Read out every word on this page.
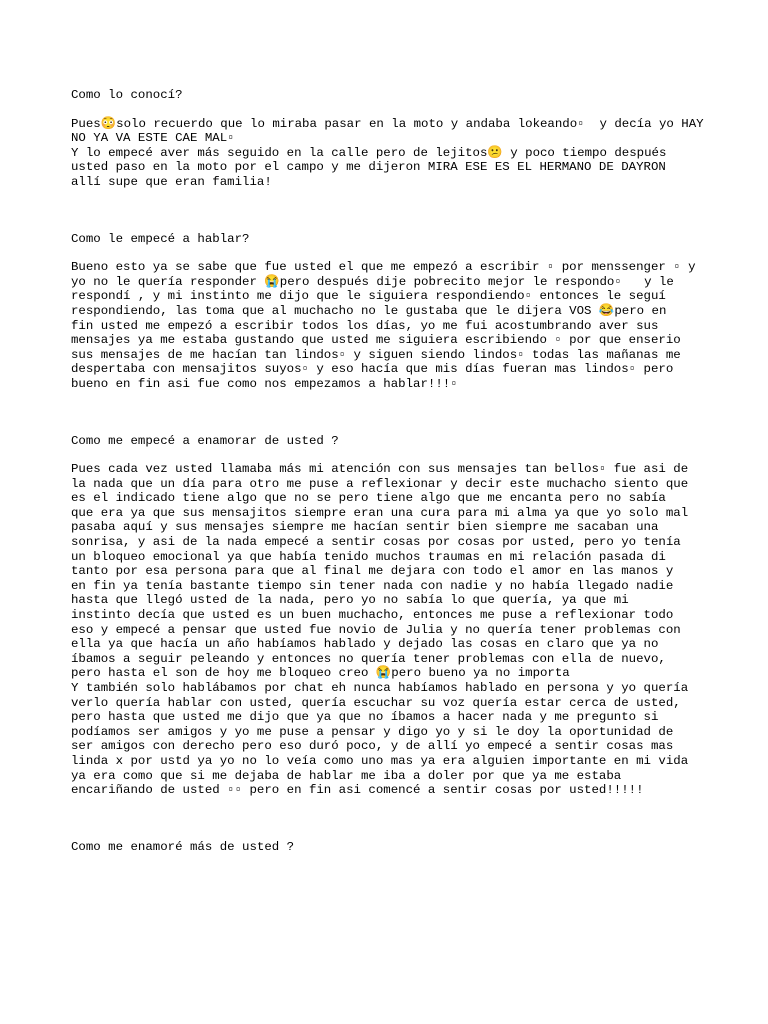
Como lo conocí?

Pues😳solo recuerdo que lo miraba pasar en la moto y andaba lokeando▫  y decía yo HAY
NO YA VA ESTE CAE MAL▫
Y lo empecé aver más seguido en la calle pero de lejitos😕 y poco tiempo después
usted paso en la moto por el campo y me dijeron MIRA ESE ES EL HERMANO DE DAYRON
allí supe que eran familia!

Como le empecé a hablar?

Bueno esto ya se sabe que fue usted el que me empezó a escribir ▫ por menssenger ▫ y
yo no le quería responder 😭pero después dije pobrecito mejor le respondo▫   y le
respondí , y mi instinto me dijo que le siguiera respondiendo▫ entonces le seguí
respondiendo, las toma que al muchacho no le gustaba que le dijera VOS 😂pero en
fin usted me empezó a escribir todos los días, yo me fui acostumbrando aver sus
mensajes ya me estaba gustando que usted me siguiera escribiendo ▫ por que enserio
sus mensajes de me hacían tan lindos▫ y siguen siendo lindos▫ todas las mañanas me
despertaba con mensajitos suyos▫ y eso hacía que mis días fueran mas lindos▫ pero
bueno en fin asi fue como nos empezamos a hablar!!!▫

Como me empecé a enamorar de usted ?

Pues cada vez usted llamaba más mi atención con sus mensajes tan bellos▫ fue asi de
la nada que un día para otro me puse a reflexionar y decir este muchacho siento que
es el indicado tiene algo que no se pero tiene algo que me encanta pero no sabía
que era ya que sus mensajitos siempre eran una cura para mi alma ya que yo solo mal
pasaba aquí y sus mensajes siempre me hacían sentir bien siempre me sacaban una
sonrisa, y asi de la nada empecé a sentir cosas por cosas por usted, pero yo tenía
un bloqueo emocional ya que había tenido muchos traumas en mi relación pasada di
tanto por esa persona para que al final me dejara con todo el amor en las manos y
en fin ya tenía bastante tiempo sin tener nada con nadie y no había llegado nadie
hasta que llegó usted de la nada, pero yo no sabía lo que quería, ya que mi
instinto decía que usted es un buen muchacho, entonces me puse a reflexionar todo
eso y empecé a pensar que usted fue novio de Julia y no quería tener problemas con
ella ya que hacía un año habíamos hablado y dejado las cosas en claro que ya no
íbamos a seguir peleando y entonces no quería tener problemas con ella de nuevo,
pero hasta el son de hoy me bloqueo creo 😭pero bueno ya no importa
Y también solo hablábamos por chat eh nunca habíamos hablado en persona y yo quería
verlo quería hablar con usted, quería escuchar su voz quería estar cerca de usted,
pero hasta que usted me dijo que ya que no íbamos a hacer nada y me pregunto si
podíamos ser amigos y yo me puse a pensar y digo yo y si le doy la oportunidad de
ser amigos con derecho pero eso duró poco, y de allí yo empecé a sentir cosas mas
linda x por ustd ya yo no lo veía como uno mas ya era alguien importante en mi vida
ya era como que si me dejaba de hablar me iba a doler por que ya me estaba
encariñando de usted ▫▫ pero en fin asi comencé a sentir cosas por usted!!!!!

Como me enamoré más de usted ?
